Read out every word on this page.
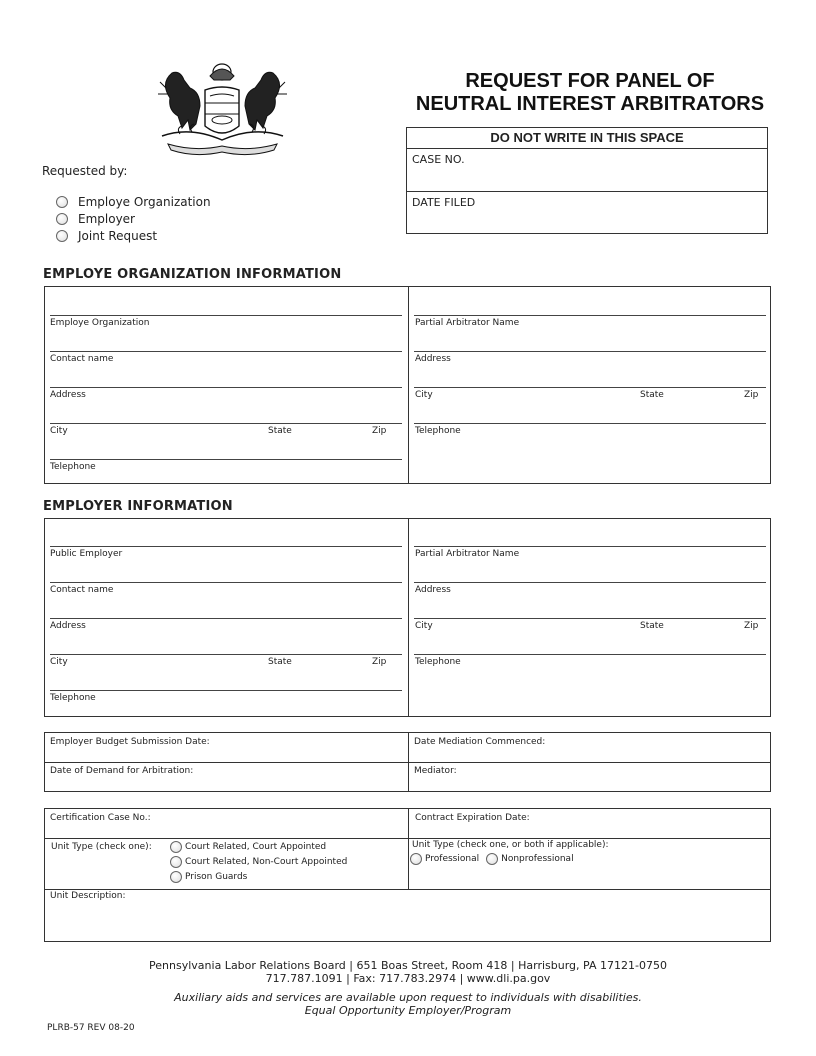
REQUEST FOR PANEL OF
NEUTRAL INTEREST ARBITRATORS
DO NOT WRITE IN THIS SPACE
CASE NO.
DATE FILED
Requested by:
Employe Organization
Employer
Joint Request
EMPLOYE ORGANIZATION INFORMATION
Employe Organization
Contact name
Address
City	State	Zip
Telephone
Partial Arbitrator Name
Address
City	State	Zip
Telephone
EMPLOYER INFORMATION
Public Employer
Contact name
Address
City	State	Zip
Telephone
Partial Arbitrator Name
Address
City	State	Zip
Telephone
Employer Budget Submission Date:	Date Mediation Commenced:
Date of Demand for Arbitration:	Mediator:
Certification Case No.:	Contract Expiration Date:
Unit Type (check one):	Court Related, Court Appointed
Court Related, Non-Court Appointed
Prison Guards
Unit Type (check one, or both if applicable):
Professional Nonprofessional
Unit Description:
Pennsylvania Labor Relations Board | 651 Boas Street, Room 418 | Harrisburg, PA 17121-0750
717.787.1091 | Fax: 717.783.2974 | www.dli.pa.gov
Auxiliary aids and services are available upon request to individuals with disabilities.
Equal Opportunity Employer/Program
PLRB-57 REV 08-20
